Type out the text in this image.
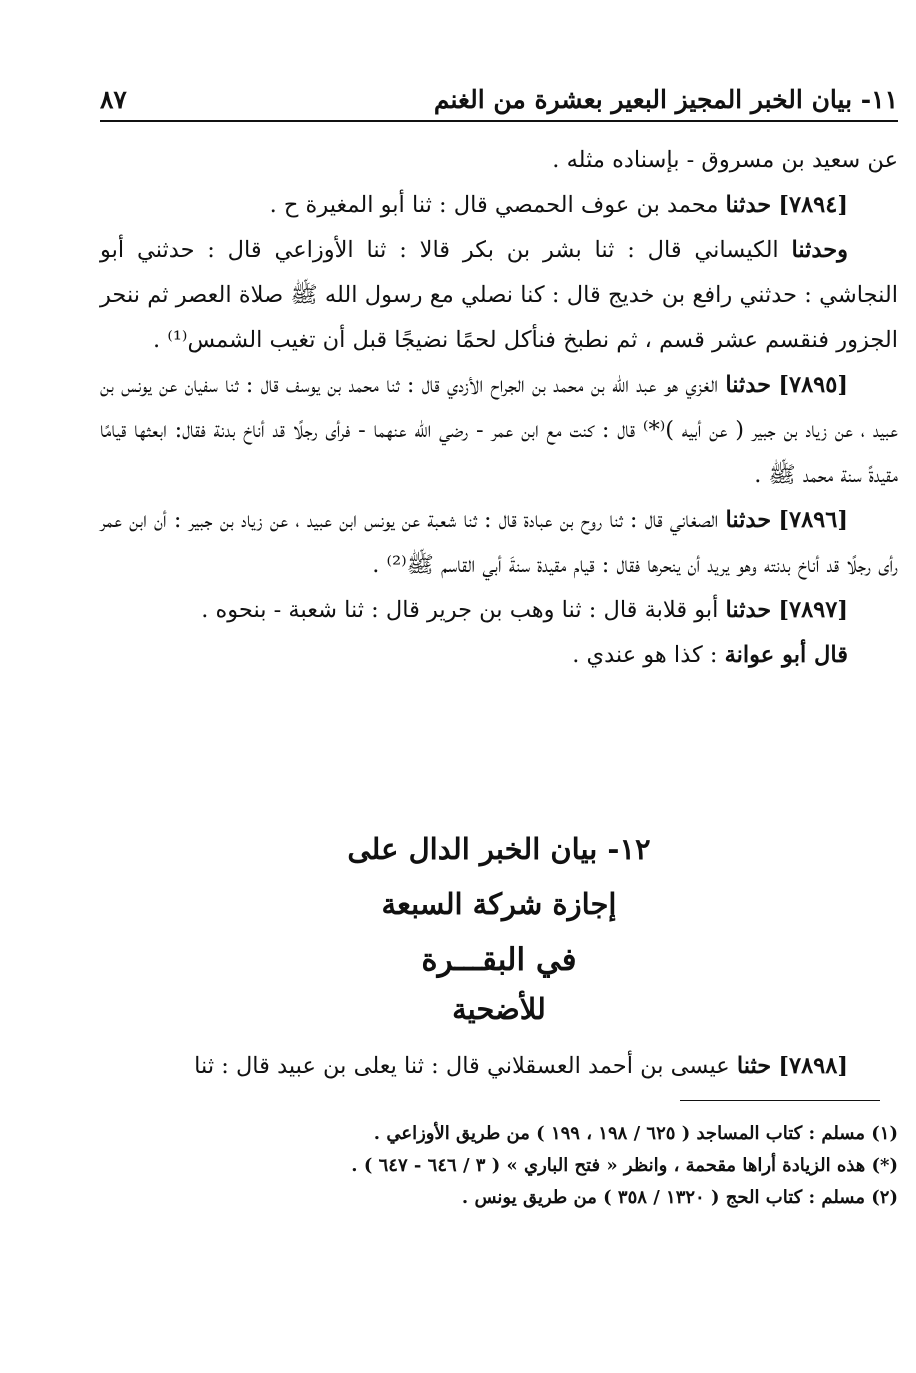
١١- بيان الخبر المجيز البعير بعشرة من الغنم
٨٧

عن سعيد بن مسروق - بإسناده مثله .

[٧٨٩٤] حدثنا محمد بن عوف الحمصي قال : ثنا أبو المغيرة ح .

وحدثنا الكيساني قال : ثنا بشر بن بكر قالا : ثنا الأوزاعي قال : حدثني أبو النجاشي : حدثني رافع بن خديج قال : كنا نصلي مع رسول الله ﷺ صلاة العصر ثم ننحر الجزور فنقسم عشر قسم ، ثم نطبخ فنأكل لحمًا نضيجًا قبل أن تغيب الشمس⁽¹⁾ .

[٧٨٩٥] حدثنا الغزي هو عبد الله بن محمد بن الجراح الأزدي قال : ثنا محمد بن يوسف قال : ثنا سفيان عن يونس بن عبيد ، عن زياد بن جبير ( عن أبيه )⁽*⁾ قال : كنت مع ابن عمر - رضي الله عنهما - فرأى رجلًا قد أناخ بدنة فقال: ابعثها قيامًا مقيدةً سنة محمد ﷺ .

[٧٨٩٦] حدثنا الصغاني قال : ثنا روح بن عبادة قال : ثنا شعبة عن يونس ابن عبيد ، عن زياد بن جبير : أن ابن عمر رأى رجلًا قد أناخ بدنته وهو يريد أن ينحرها فقال : قيام مقيدة سنةَ أبي القاسم ﷺ⁽²⁾ .

[٧٨٩٧] حدثنا أبو قلابة قال : ثنا وهب بن جرير قال : ثنا شعبة - بنحوه .

قال أبو عوانة : كذا هو عندي .

١٢- بيان الخبر الدال على
إجازة شركة السبعة
في البقـــرة
للأضحية
[٧٨٩٨] حثنا عيسى بن أحمد العسقلاني قال : ثنا يعلى بن عبيد قال : ثنا
(١) مسلم : كتاب المساجد ( ٦٢٥ / ١٩٨ ، ١٩٩ ) من طريق الأوزاعي .
(*) هذه الزيادة أراها مقحمة ، وانظر « فتح الباري » ( ٣ / ٦٤٦ - ٦٤٧ ) .
(٢) مسلم : كتاب الحج ( ١٣٢٠ / ٣٥٨ ) من طريق يونس .
